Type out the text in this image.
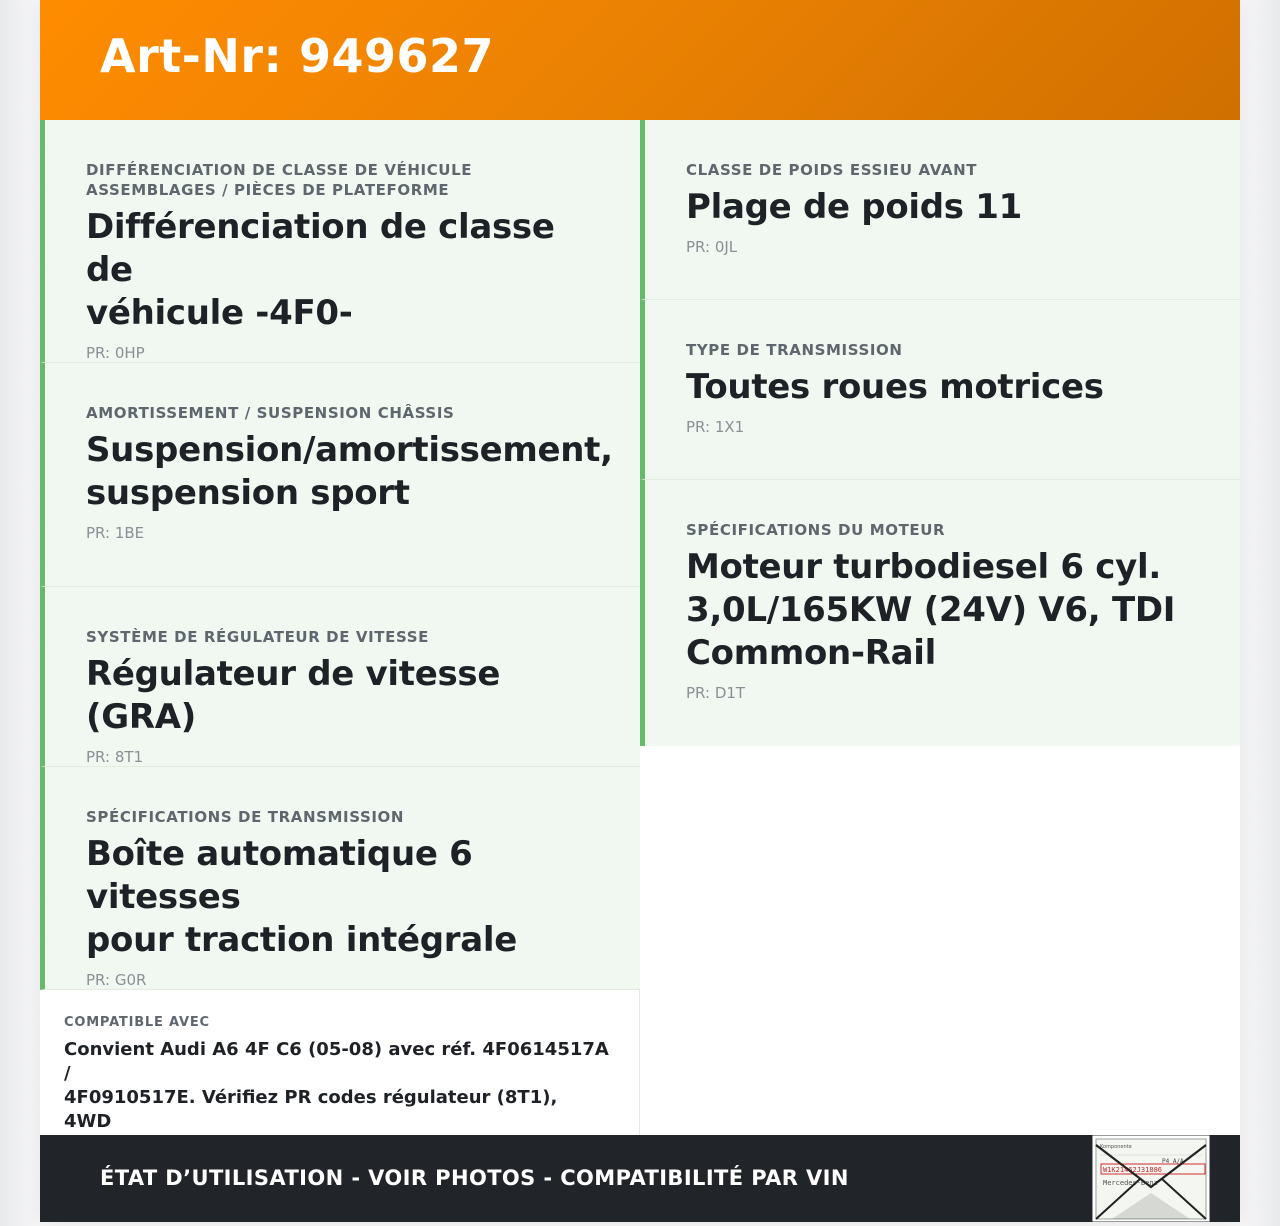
Art-Nr: 949627
DIFFÉRENCIATION DE CLASSE DE VÉHICULE
ASSEMBLAGES / PIÈCES DE PLATEFORME
Différenciation de classe de
véhicule -4F0-
PR: 0HP
AMORTISSEMENT / SUSPENSION CHÂSSIS
Suspension/amortissement,
suspension sport
PR: 1BE
SYSTÈME DE RÉGULATEUR DE VITESSE
Régulateur de vitesse (GRA)
PR: 8T1
SPÉCIFICATIONS DE TRANSMISSION
Boîte automatique 6 vitesses
pour traction intégrale
PR: G0R
CLASSE DE POIDS ESSIEU AVANT
Plage de poids 11
PR: 0JL
TYPE DE TRANSMISSION
Toutes roues motrices
PR: 1X1
SPÉCIFICATIONS DU MOTEUR
Moteur turbodiesel 6 cyl.
3,0L/165KW (24V) V6, TDI
Common-Rail
PR: D1T
COMPATIBLE AVEC
Convient Audi A6 4F C6 (05-08) avec réf. 4F0614517A /
4F0910517E. Vérifiez PR codes régulateur (8T1), 4WD
ÉTAT D’UTILISATION - VOIR PHOTOS - COMPATIBILITÉ PAR VIN
Komponente
P4 A/A
W1K21462J31886
Mercedes-Benz
